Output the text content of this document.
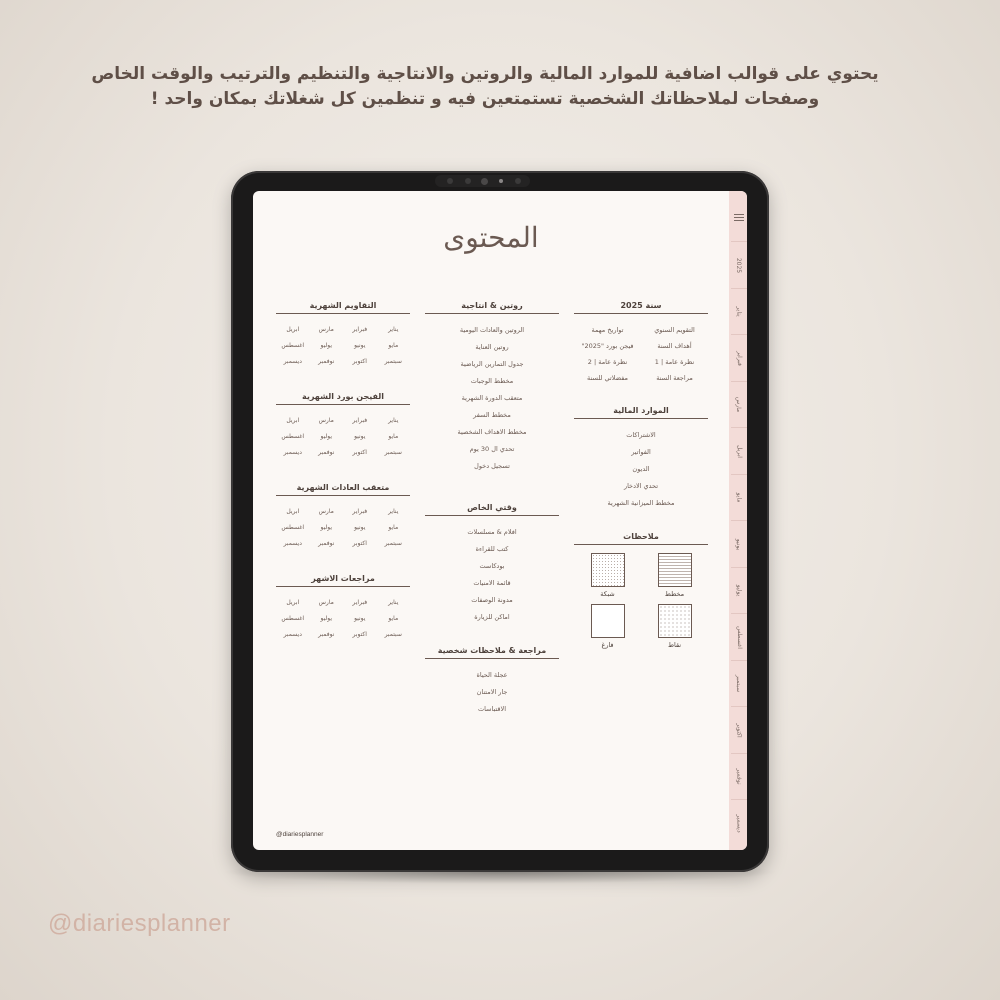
يحتوي على قوالب اضافية للموارد المالية والروتين والانتاجية والتنظيم والترتيب والوقت الخاص
وصفحات لملاحظاتك الشخصية تستمتعين فيه و تنظمين كل شغلاتك بمكان واحد !
المحتوى
سنة 2025
التقويم السنوي
تواريخ مهمة
أهداف السنة
فيجن بورد "2025"
نظرة عامة | 1
نظرة عامة | 2
مراجعة السنة
مفضلاتي للسنة
الموارد المالية
الاشتراكات
الفواتير
الديون
تحدي الادخار
مخطط الميزانية الشهرية
ملاحظات
مخطط
شبكة
نقاط
فارغ
روتين & انتاجية
الروتين والعادات اليومية
روتين العناية
جدول التمارين الرياضية
مخطط الوجبات
متعقب الدورة الشهرية
مخطط السفر
مخطط الاهداف الشخصية
تحدي ال 30 يوم
تسجيل دخول
وقتي الخاص
افلام & مسلسلات
كتب للقراءة
بودكاست
قائمة الامنيات
مدونة الوصفات
اماكن للزيارة
مراجعة & ملاحظات شخصية
عجلة الحياة
جار الامتنان
الاقتباسات
التقاويم الشهرية
يناير
فبراير
مارس
ابريل
مايو
يونيو
يوليو
اغسطس
سبتمبر
اكتوبر
نوفمبر
ديسمبر
الفيجن بورد الشهرية
يناير
فبراير
مارس
ابريل
مايو
يونيو
يوليو
اغسطس
سبتمبر
اكتوبر
نوفمبر
ديسمبر
متعقب العادات الشهرية
يناير
فبراير
مارس
ابريل
مايو
يونيو
يوليو
اغسطس
سبتمبر
اكتوبر
نوفمبر
ديسمبر
مراجعات الاشهر
يناير
فبراير
مارس
ابريل
مايو
يونيو
يوليو
اغسطس
سبتمبر
اكتوبر
نوفمبر
ديسمبر
@diariesplanner
2025
يناير
فبراير
مارس
ابريل
مايو
يونيو
يوليو
اغسطس
سبتمبر
اكتوبر
نوفمبر
ديسمبر
@diariesplanner
